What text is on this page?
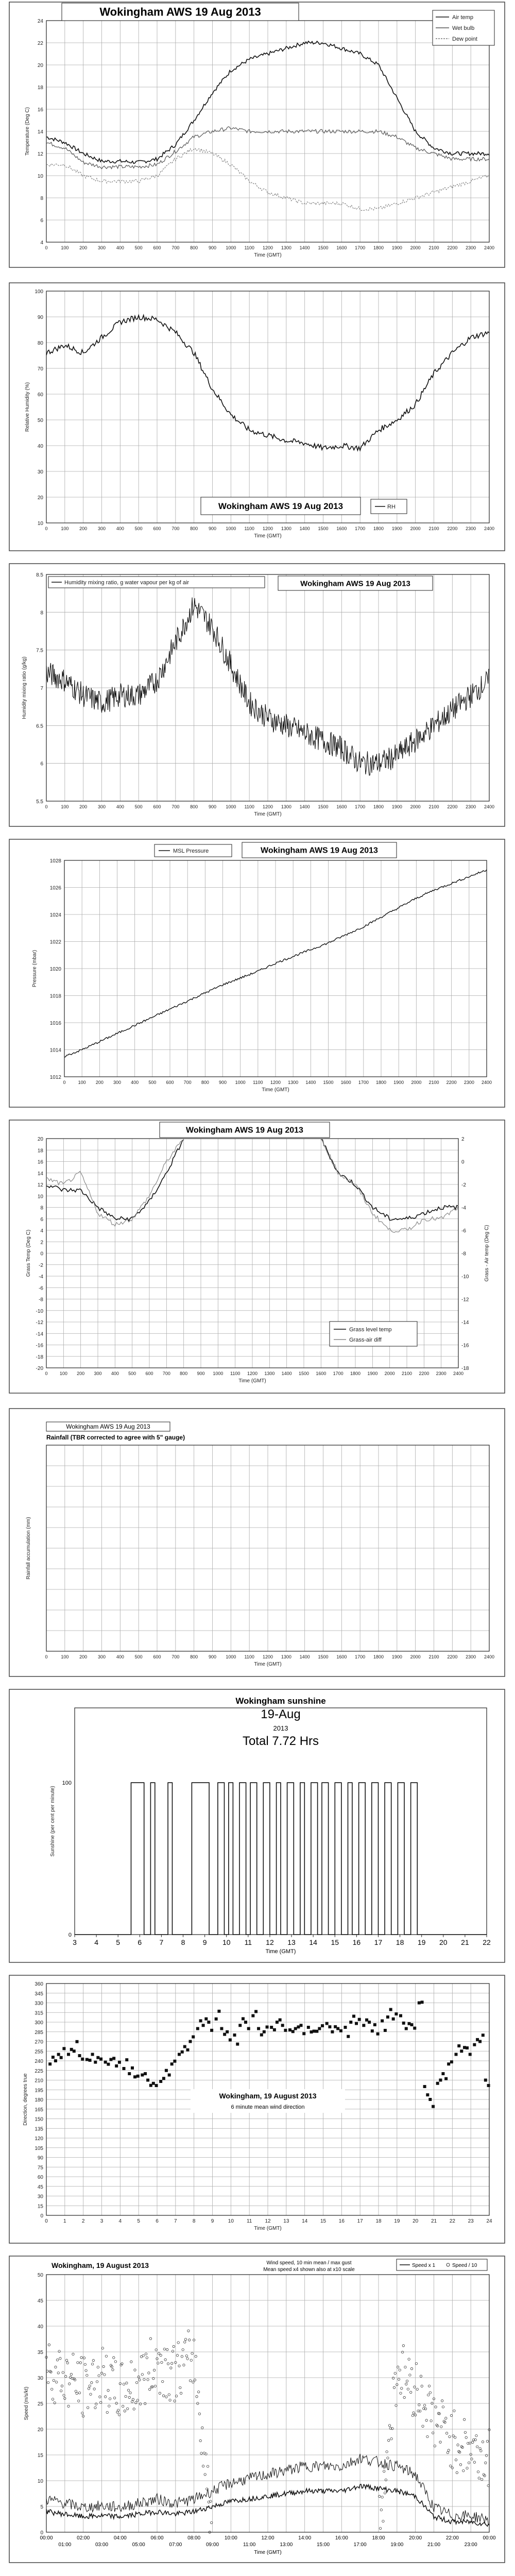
4
6
8
10
12
14
16
18
20
22
24
0	100 200 300 400 500 600 700 800 900 1000 1100 1200 1300 1400 1500 1600 1700 1800 1900 2000 2100 2200 2300 2400
Temperature (Deg C)
Time (GMT)
Wokingham AWS 19 Aug 2013	Air temp
Wet bulb
Dew point
10
20
30
40
50
60
70
80
90
100
0	100 200 300 400 500 600 700 800 900 1000 1100 1200 1300 1400 1500 1600 1700 1800 1900 2000 2100 2200 2300 2400
Relative Humidity (%)
Time (GMT)
Wokingham AWS 19 Aug 2013	RH
5.5
6
6.5
7
7.5
8
8.5
0	100 200 300 400 500 600 700 800 900 1000 1100 1200 1300 1400 1500 1600 1700 1800 1900 2000 2100 2200 2300 2400
Humidity mixing ratio (g/kg)
Time (GMT)
Humidity mixing ratio, g water vapour per kg of air	Wokingham AWS 19 Aug 2013
1012
1014
1016
1018
1020
1022
1024
1026
1028
0	100 200 300 400 500 600 700 800 900 1000 1100 1200 1300 1400 1500 1600 1700 1800 1900 2000 2100 2200 2300 2400
Pressure (mbar)
Time (GMT)
MSL Pressure	Wokingham AWS 19 Aug 2013
-20
-18
-16
-14
-12
-10
-8
-6
-4
-2
0
2
4
6
8
10
12
14
16
18
20
-18
-16
-14
-12
-10
-8
-6
-4
-2
0
2
0	100 200 300 400 500 600 700 800 900 1000 1100 1200 1300 1400 1500 1600 1700 1800 1900 2000 2100 2200 2300 2400
Grass Temp (Deg C)	Grass - Air temp (Deg C)
Time (GMT)
Wokingham AWS 19 Aug 2013
Grass level temp
Grass-air diff
0	100 200 300 400 500 600 700 800 900 1000 1100 1200 1300 1400 1500 1600 1700 1800 1900 2000 2100 2200 2300 2400
Rainfall accumulation (mm)
Time (GMT)
Wokingham AWS 19 Aug 2013
Rainfall (TBR corrected to agree with 5" gauge)
0
100
Sunshine (per cent per minute)
3 4 5 6 7 8 9 10 11 12 13 14 15 16 17 18 19 20 21 22
Time (GMT)
Wokingham sunshine
19-Aug
2013
Total 7.72 Hrs
0
15
30
45
60
75
90
105
120
135
150
165
180
195
210
225
240
255
270
285
300
315
330
345
360
0	1	2	3	4	5	6	7	8	9	10	11	12 13 14 15 16 17 18 19 20 21 22 23 24
Direction, degrees true
Time (GMT)
Wokingham, 19 August 2013
6 minute mean wind direction
0
5
10
15
20
25
30
35
40
45
50
00:00	02:00	04:00	06:00	08:00	10:00	12:00	14:00	16:00	18:00	20:00	22:00	00:00
01:00	03:00	05:00	07:00	09:00	11:00	13:00	15:00	17:00	19:00	21:00	23:00
Time (GMT)
Speed (m/s/kt)
Wokingham, 19 August 2013	Wind speed, 10 min mean / max gust
Mean speed x4 shown also at x10 scale
Speed x 1	Speed / 10
